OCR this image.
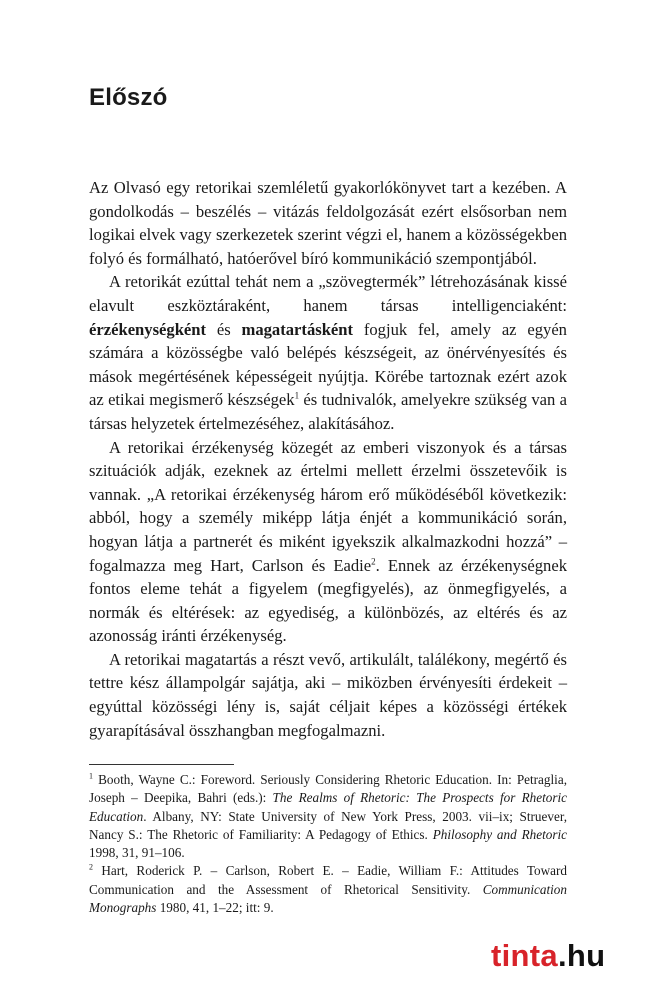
Előszó

Az Olvasó egy retorikai szemléletű gyakorlókönyvet tart a kezében. A gondolkodás – beszélés – vitázás feldolgozását ezért elsősorban nem logikai elvek vagy szerkezetek szerint végzi el, hanem a közösségekben folyó és formálható, hatóerővel bíró kommunikáció szempontjából.

A retorikát ezúttal tehát nem a „szövegtermék” létrehozásának kissé elavult eszköztáraként, hanem társas intelligenciaként: érzékenységként és magatartásként fogjuk fel, amely az egyén számára a közösségbe való belépés készségeit, az önérvényesítés és mások megértésének képességeit nyújtja. Körébe tartoznak ezért azok az etikai megismerő készségek$^1$ és tudnivalók, amelyekre szükség van a társas helyzetek értelmezéséhez, alakításához.

A retorikai érzékenység közegét az emberi viszonyok és a társas szituációk adják, ezeknek az értelmi mellett érzelmi összetevőik is vannak. „A retorikai érzékenység három erő működéséből következik: abból, hogy a személy miképp látja énjét a kommunikáció során, hogyan látja a partnerét és miként igyekszik alkalmazkodni hozzá” – fogalmazza meg Hart, Carlson és Eadie$^2$. Ennek az érzékenységnek fontos eleme tehát a figyelem (megfigyelés), az önmegfigyelés, a normák és eltérések: az egyediség, a különbözés, az eltérés és az azonosság iránti érzékenység.

A retorikai magatartás a részt vevő, artikulált, találékony, megértő és tettre kész állampolgár sajátja, aki – miközben érvényesíti érdekeit – egyúttal közösségi lény is, saját céljait képes a közösségi értékek gyarapításával összhangban megfogalmazni.

$^1$ Booth, Wayne C.: Foreword. Seriously Considering Rhetoric Education. In: Petraglia, Joseph – Deepika, Bahri (eds.): The Realms of Rhetoric: The Prospects for Rhetoric Education. Albany, NY: State University of New York Press, 2003. vii–ix; Struever, Nancy S.: The Rhetoric of Familiarity: A Pedagogy of Ethics. Philosophy and Rhetoric 1998, 31, 91–106.

$^2$ Hart, Roderick P. – Carlson, Robert E. – Eadie, William F.: Attitudes Toward Communication and the Assessment of Rhetorical Sensitivity. Communication Monographs 1980, 41, 1–22; itt: 9.

tinta.hu
